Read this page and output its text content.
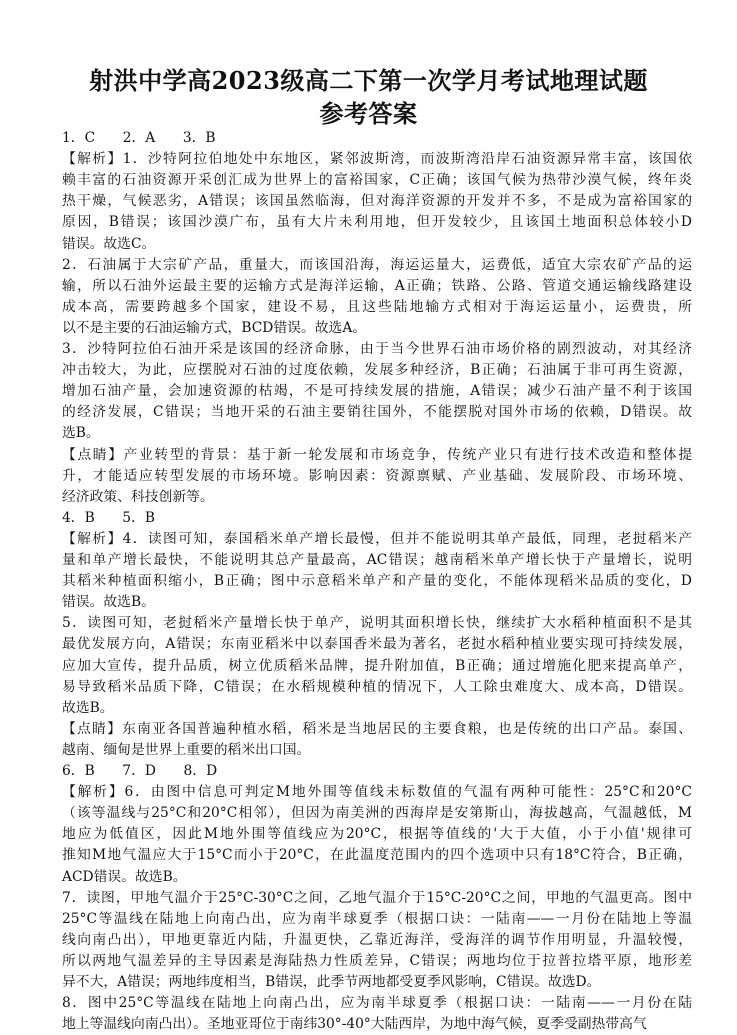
射洪中学高2023级高二下第一次学月考试地理试题
参考答案
1．C　　2．A　　3．B
【解析】1．沙特阿拉伯地处中东地区，紧邻波斯湾，而波斯湾沿岸石油资源异常丰富，该国依
赖丰富的石油资源开采创汇成为世界上的富裕国家，C正确；该国气候为热带沙漠气候，终年炎
热干燥，气候恶劣，A错误；该国虽然临海，但对海洋资源的开发并不多，不是成为富裕国家的
原因，B错误；该国沙漠广布，虽有大片未利用地，但开发较少，且该国土地面积总体较小D
错误。故选C。
2．石油属于大宗矿产品，重量大，而该国沿海，海运运量大，运费低，适宜大宗农矿产品的运
输，所以石油外运最主要的运输方式是海洋运输，A正确；铁路、公路、管道交通运输线路建设
成本高，需要跨越多个国家，建设不易，且这些陆地输方式相对于海运运量小，运费贵，所
以不是主要的石油运输方式，BCD错误。故选A。
3．沙特阿拉伯石油开采是该国的经济命脉，由于当今世界石油市场价格的剧烈波动，对其经济
冲击较大，为此，应摆脱对石油的过度依赖，发展多种经济，B正确；石油属于非可再生资源，
增加石油产量，会加速资源的枯竭，不是可持续发展的措施，A错误；减少石油产量不利于该国
的经济发展，C错误；当地开采的石油主要销往国外，不能摆脱对国外市场的依赖，D错误。故
选B。
【点睛】产业转型的背景：基于新一轮发展和市场竞争，传统产业只有进行技术改造和整体提
升，才能适应转型发展的市场环境。影响因素：资源禀赋、产业基础、发展阶段、市场环境、
经济政策、科技创新等。
4．B　　5．B
【解析】4．读图可知，泰国稻米单产增长最慢，但并不能说明其单产最低，同理，老挝稻米产
量和单产增长最快，不能说明其总产量最高，AC错误；越南稻米单产增长快于产量增长，说明
其稻米种植面积缩小，B正确；图中示意稻米单产和产量的变化，不能体现稻米品质的变化，D
错误。故选B。
5．读图可知，老挝稻米产量增长快于单产，说明其面积增长快，继续扩大水稻种植面积不是其
最优发展方向，A错误；东南亚稻米中以泰国香米最为著名，老挝水稻种植业要实现可持续发展，
应加大宣传，提升品质，树立优质稻米品牌，提升附加值，B正确；通过增施化肥来提高单产，
易导致稻米品质下降，C错误；在水稻规模种植的情况下，人工除虫难度大、成本高，D错误。
故选B。
【点睛】东南亚各国普遍种植水稻，稻米是当地居民的主要食粮，也是传统的出口产品。泰国、
越南、缅甸是世界上重要的稻米出口国。
6．B　　7．D　　8．D
【解析】6．由图中信息可判定M地外围等值线未标数值的气温有两种可能性：25°C和20°C
（该等温线与25°C和20°C相邻），但因为南美洲的西海岸是安第斯山，海拔越高，气温越低，M
地应为低值区，因此M地外围等值线应为20°C，根据等值线的'大于大值，小于小值'规律可
推知M地气温应大于15°C而小于20°C，在此温度范围内的四个选项中只有18°C符合，B正确，
ACD错误。故选B。
7．读图，甲地气温介于25°C-30°C之间，乙地气温介于15°C-20°C之间，甲地的气温更高。图中
25°C等温线在陆地上向南凸出，应为南半球夏季（根据口诀：一陆南——一月份在陆地上等温
线向南凸出），甲地更靠近内陆，升温更快，乙靠近海洋，受海洋的调节作用明显，升温较慢，
所以两地气温差异的主导因素是海陆热力性质差异，C错误；两地均位于拉普拉塔平原，地形差
异不大，A错误；两地纬度相当，B错误，此季节两地都受夏季风影响，C错误。故选D。
8．图中25°C等温线在陆地上向南凸出，应为南半球夏季（根据口诀：一陆南——一月份在陆
地上等温线向南凸出）。圣地亚哥位于南纬30°-40°大陆西岸，为地中海气候，夏季受副热带高气
